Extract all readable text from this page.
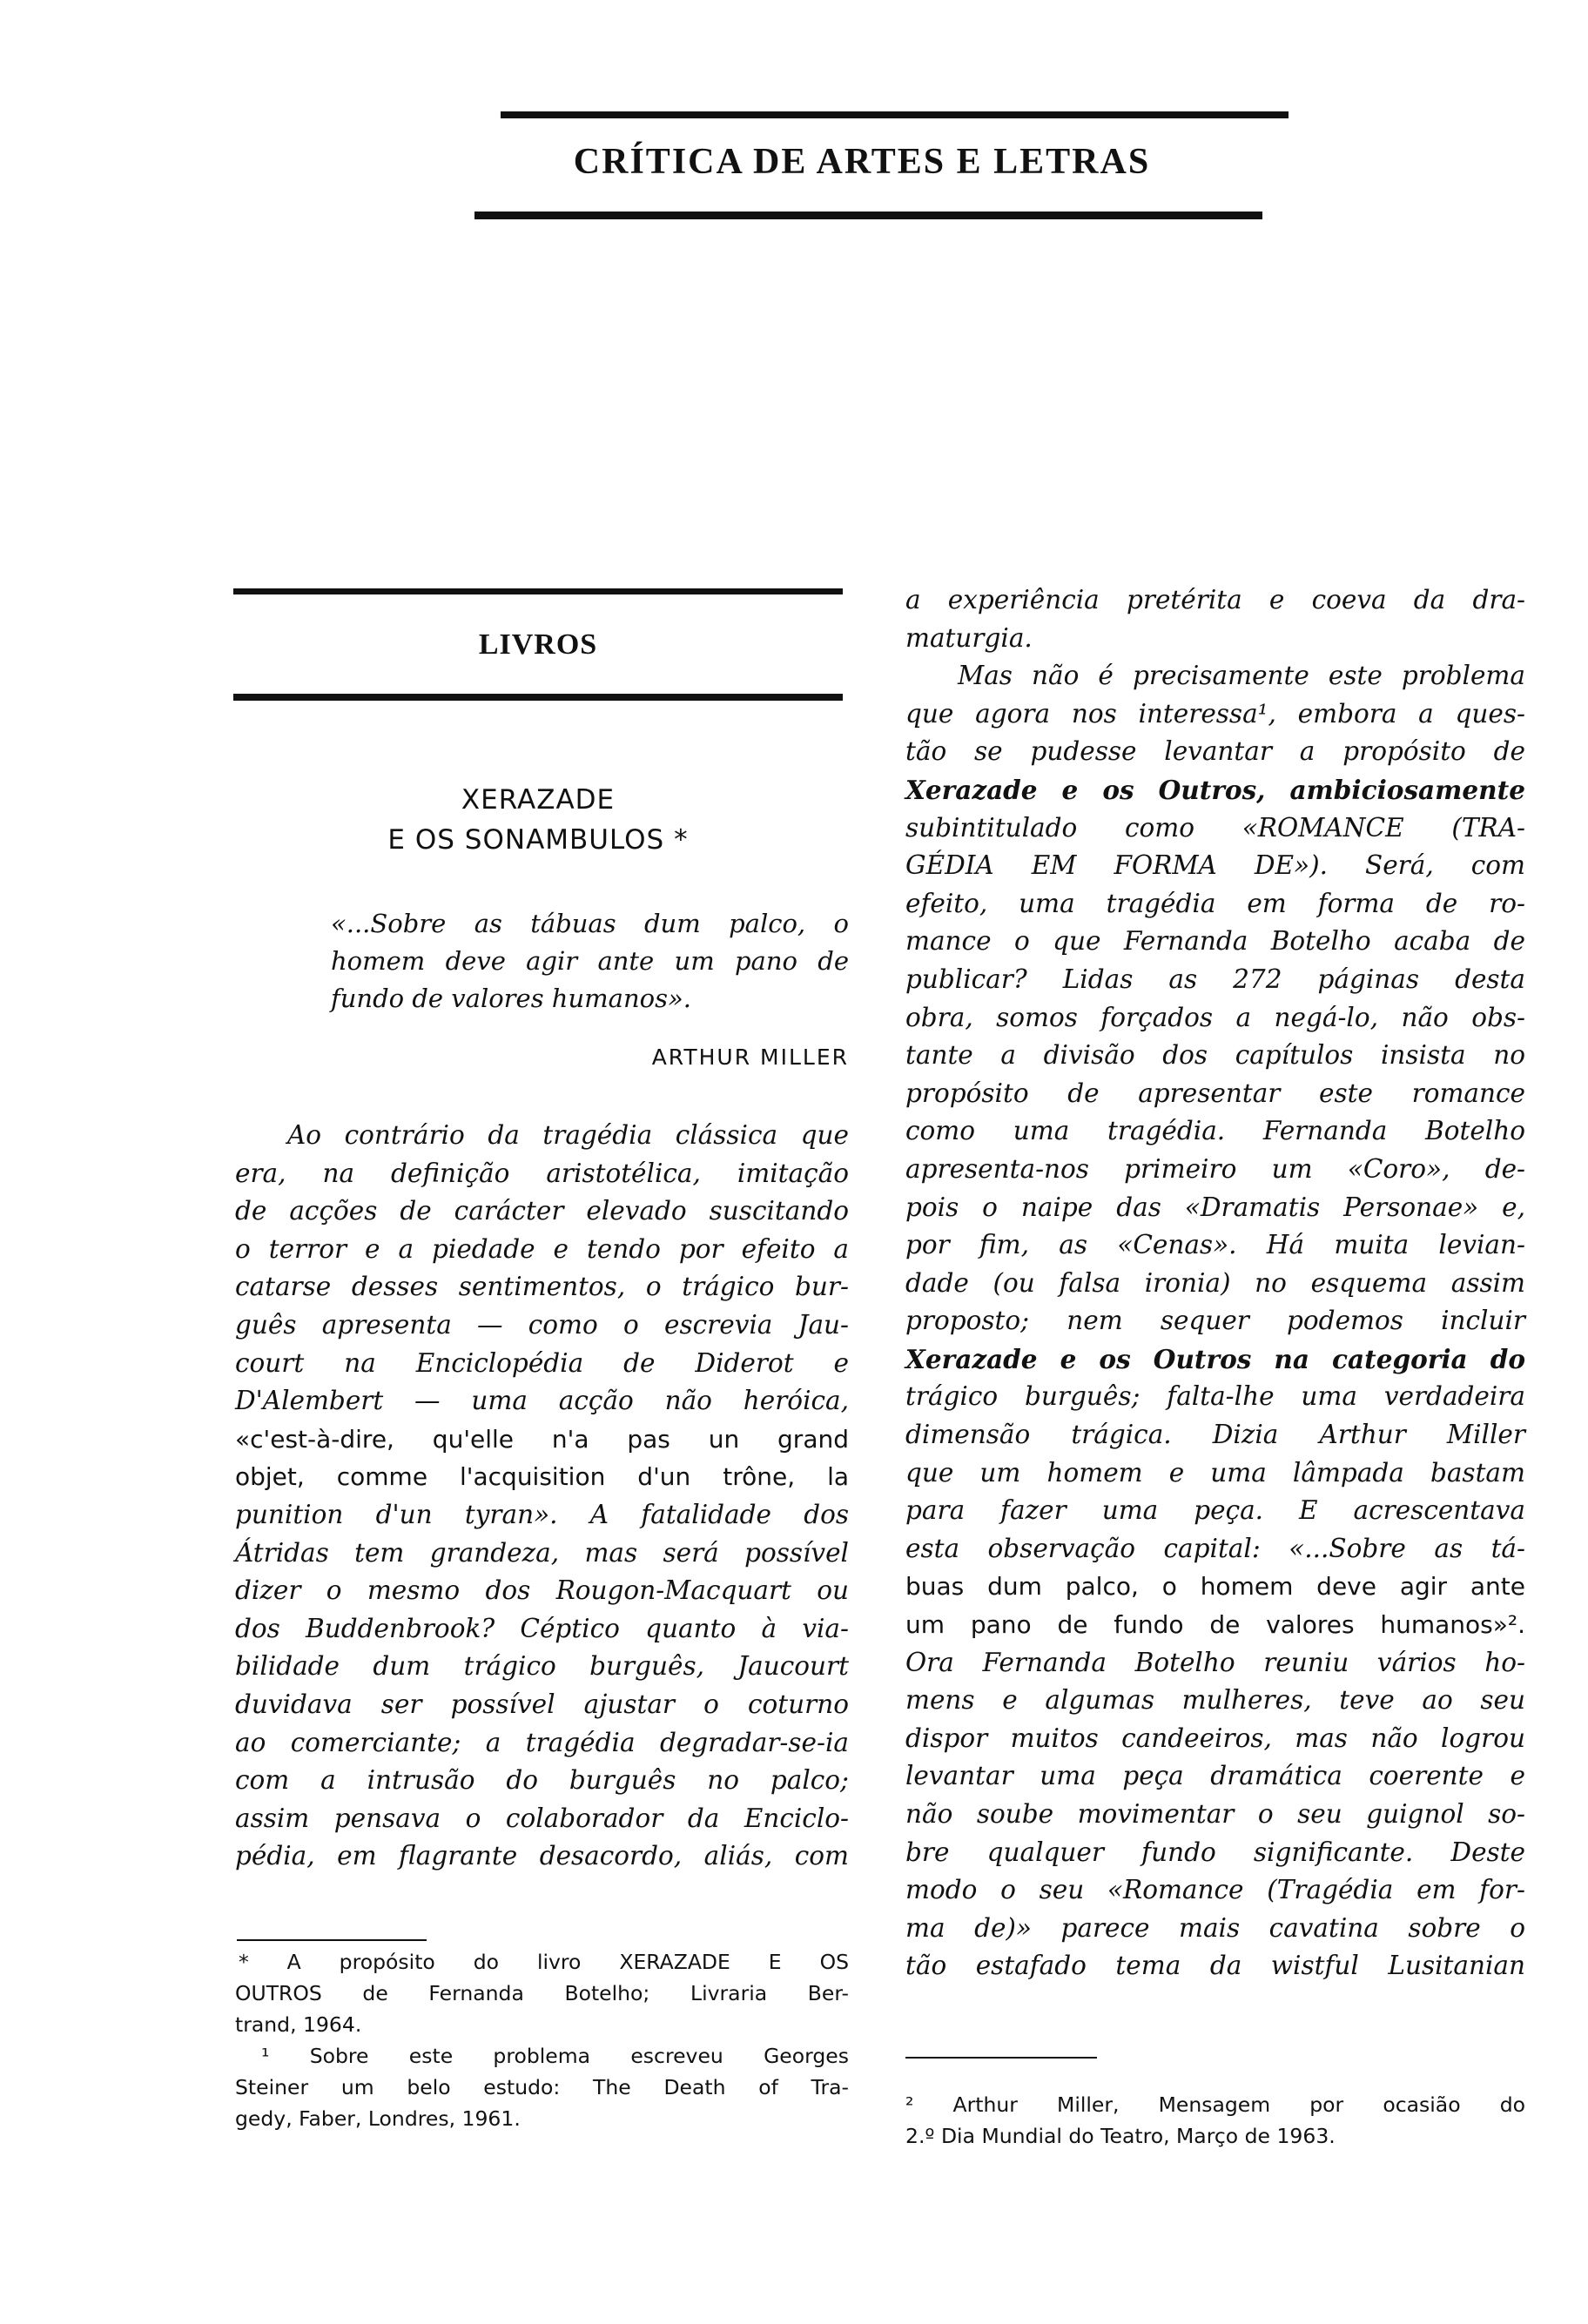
CRÍTICA DE ARTES E LETRAS
LIVROS
XERAZADE
E OS SONAMBULOS *
«...Sobre as tábuas dum palco, o homem deve agir ante um pano de fundo de valores humanos».
ARTHUR MILLER
Ao contrário da tragédia clássica que
era, na definição aristotélica, imitação
de acções de carácter elevado suscitando
o terror e a piedade e tendo por efeito a
catarse desses sentimentos, o trágico bur-
guês apresenta — como o escrevia Jau-
court na Enciclopédia de Diderot e
D'Alembert — uma acção não heróica,
«c'est-à-dire, qu'elle n'a pas un grand
objet, comme l'acquisition d'un trône, la
punition d'un tyran». A fatalidade dos
Átridas tem grandeza, mas será possível
dizer o mesmo dos Rougon-Macquart ou
dos Buddenbrook? Céptico quanto à via-
bilidade dum trágico burguês, Jaucourt
duvidava ser possível ajustar o coturno
ao comerciante; a tragédia degradar-se-ia
com a intrusão do burguês no palco;
assim pensava o colaborador da Enciclo-
pédia, em flagrante desacordo, aliás, com
* A propósito do livro XERAZADE E OS
OUTROS de Fernanda Botelho; Livraria Ber-
trand, 1964.
¹ Sobre este problema escreveu Georges
Steiner um belo estudo: The Death of Tra-
gedy, Faber, Londres, 1961.
a experiência pretérita e coeva da dra-
maturgia.
Mas não é precisamente este problema
que agora nos interessa¹, embora a ques-
tão se pudesse levantar a propósito de
Xerazade e os Outros, ambiciosamente
subintitulado como «ROMANCE (TRA-
GÉDIA EM FORMA DE»). Será, com
efeito, uma tragédia em forma de ro-
mance o que Fernanda Botelho acaba de
publicar? Lidas as 272 páginas desta
obra, somos forçados a negá-lo, não obs-
tante a divisão dos capítulos insista no
propósito de apresentar este romance
como uma tragédia. Fernanda Botelho
apresenta-nos primeiro um «Coro», de-
pois o naipe das «Dramatis Personae» e,
por fim, as «Cenas». Há muita levian-
dade (ou falsa ironia) no esquema assim
proposto; nem sequer podemos incluir
Xerazade e os Outros na categoria do
trágico burguês; falta-lhe uma verdadeira
dimensão trágica. Dizia Arthur Miller
que um homem e uma lâmpada bastam
para fazer uma peça. E acrescentava
esta observação capital: «...Sobre as tá-
buas dum palco, o homem deve agir ante
um pano de fundo de valores humanos»².
Ora Fernanda Botelho reuniu vários ho-
mens e algumas mulheres, teve ao seu
dispor muitos candeeiros, mas não logrou
levantar uma peça dramática coerente e
não soube movimentar o seu guignol so-
bre qualquer fundo significante. Deste
modo o seu «Romance (Tragédia em for-
ma de)» parece mais cavatina sobre o
tão estafado tema da wistful Lusitanian
² Arthur Miller, Mensagem por ocasião do
2.º Dia Mundial do Teatro, Março de 1963.
